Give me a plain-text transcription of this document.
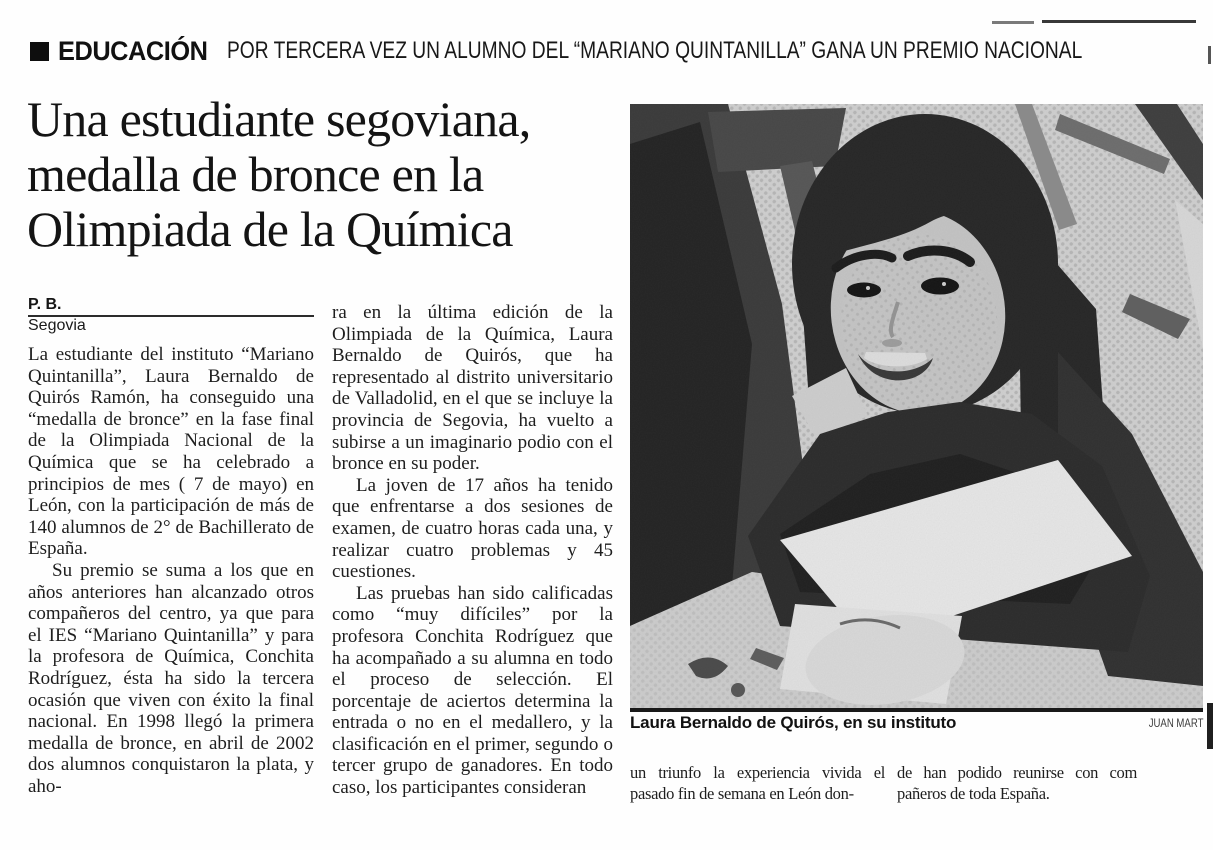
EDUCACIÓN POR TERCERA VEZ UN ALUMNO DEL “MARIANO QUINTANILLA” GANA UN PREMIO NACIONAL
Una estudiante segoviana,
medalla de bronce en la
Olimpiada de la Química
P. B.
Segovia

La estudiante del instituto “Mariano Quintanilla”, Laura Bernaldo de Quirós Ramón, ha conseguido una “medalla de bronce” en la fase final de la Olimpiada Nacional de la Química que se ha celebrado a principios de mes ( 7 de mayo) en León, con la participación de más de 140 alumnos de 2° de Bachillerato de España.

Su premio se suma a los que en años anteriores han alcanzado otros compañeros del centro, ya que para el IES “Mariano Quintanilla” y para la profesora de Química, Conchita Rodríguez, ésta ha sido la tercera ocasión que viven con éxito la final nacional. En 1998 llegó la primera medalla de bronce, en abril de 2002 dos alumnos conquistaron la plata, y aho-

ra en la última edición de la Olimpiada de la Química, Laura Bernaldo de Quirós, que ha representado al distrito universitario de Valladolid, en el que se incluye la provincia de Segovia, ha vuelto a subirse a un imaginario podio con el bronce en su poder.

La joven de 17 años ha tenido que enfrentarse a dos sesiones de examen, de cuatro horas cada una, y realizar cuatro problemas y 45 cuestiones.

Las pruebas han sido calificadas como “muy difíciles” por la profesora Conchita Rodríguez que ha acompañado a su alumna en todo el proceso de selección. El porcentaje de aciertos determina la entrada o no en el medallero, y la clasificación en el primer, segundo o tercer grupo de ganadores. En todo caso, los participantes consideran

Laura Bernaldo de Quirós, en su instituto	JUAN MART

un triunfo la experiencia vivida el pasado fin de semana en León don-

de han podido reunirse con com pañeros de toda España.
